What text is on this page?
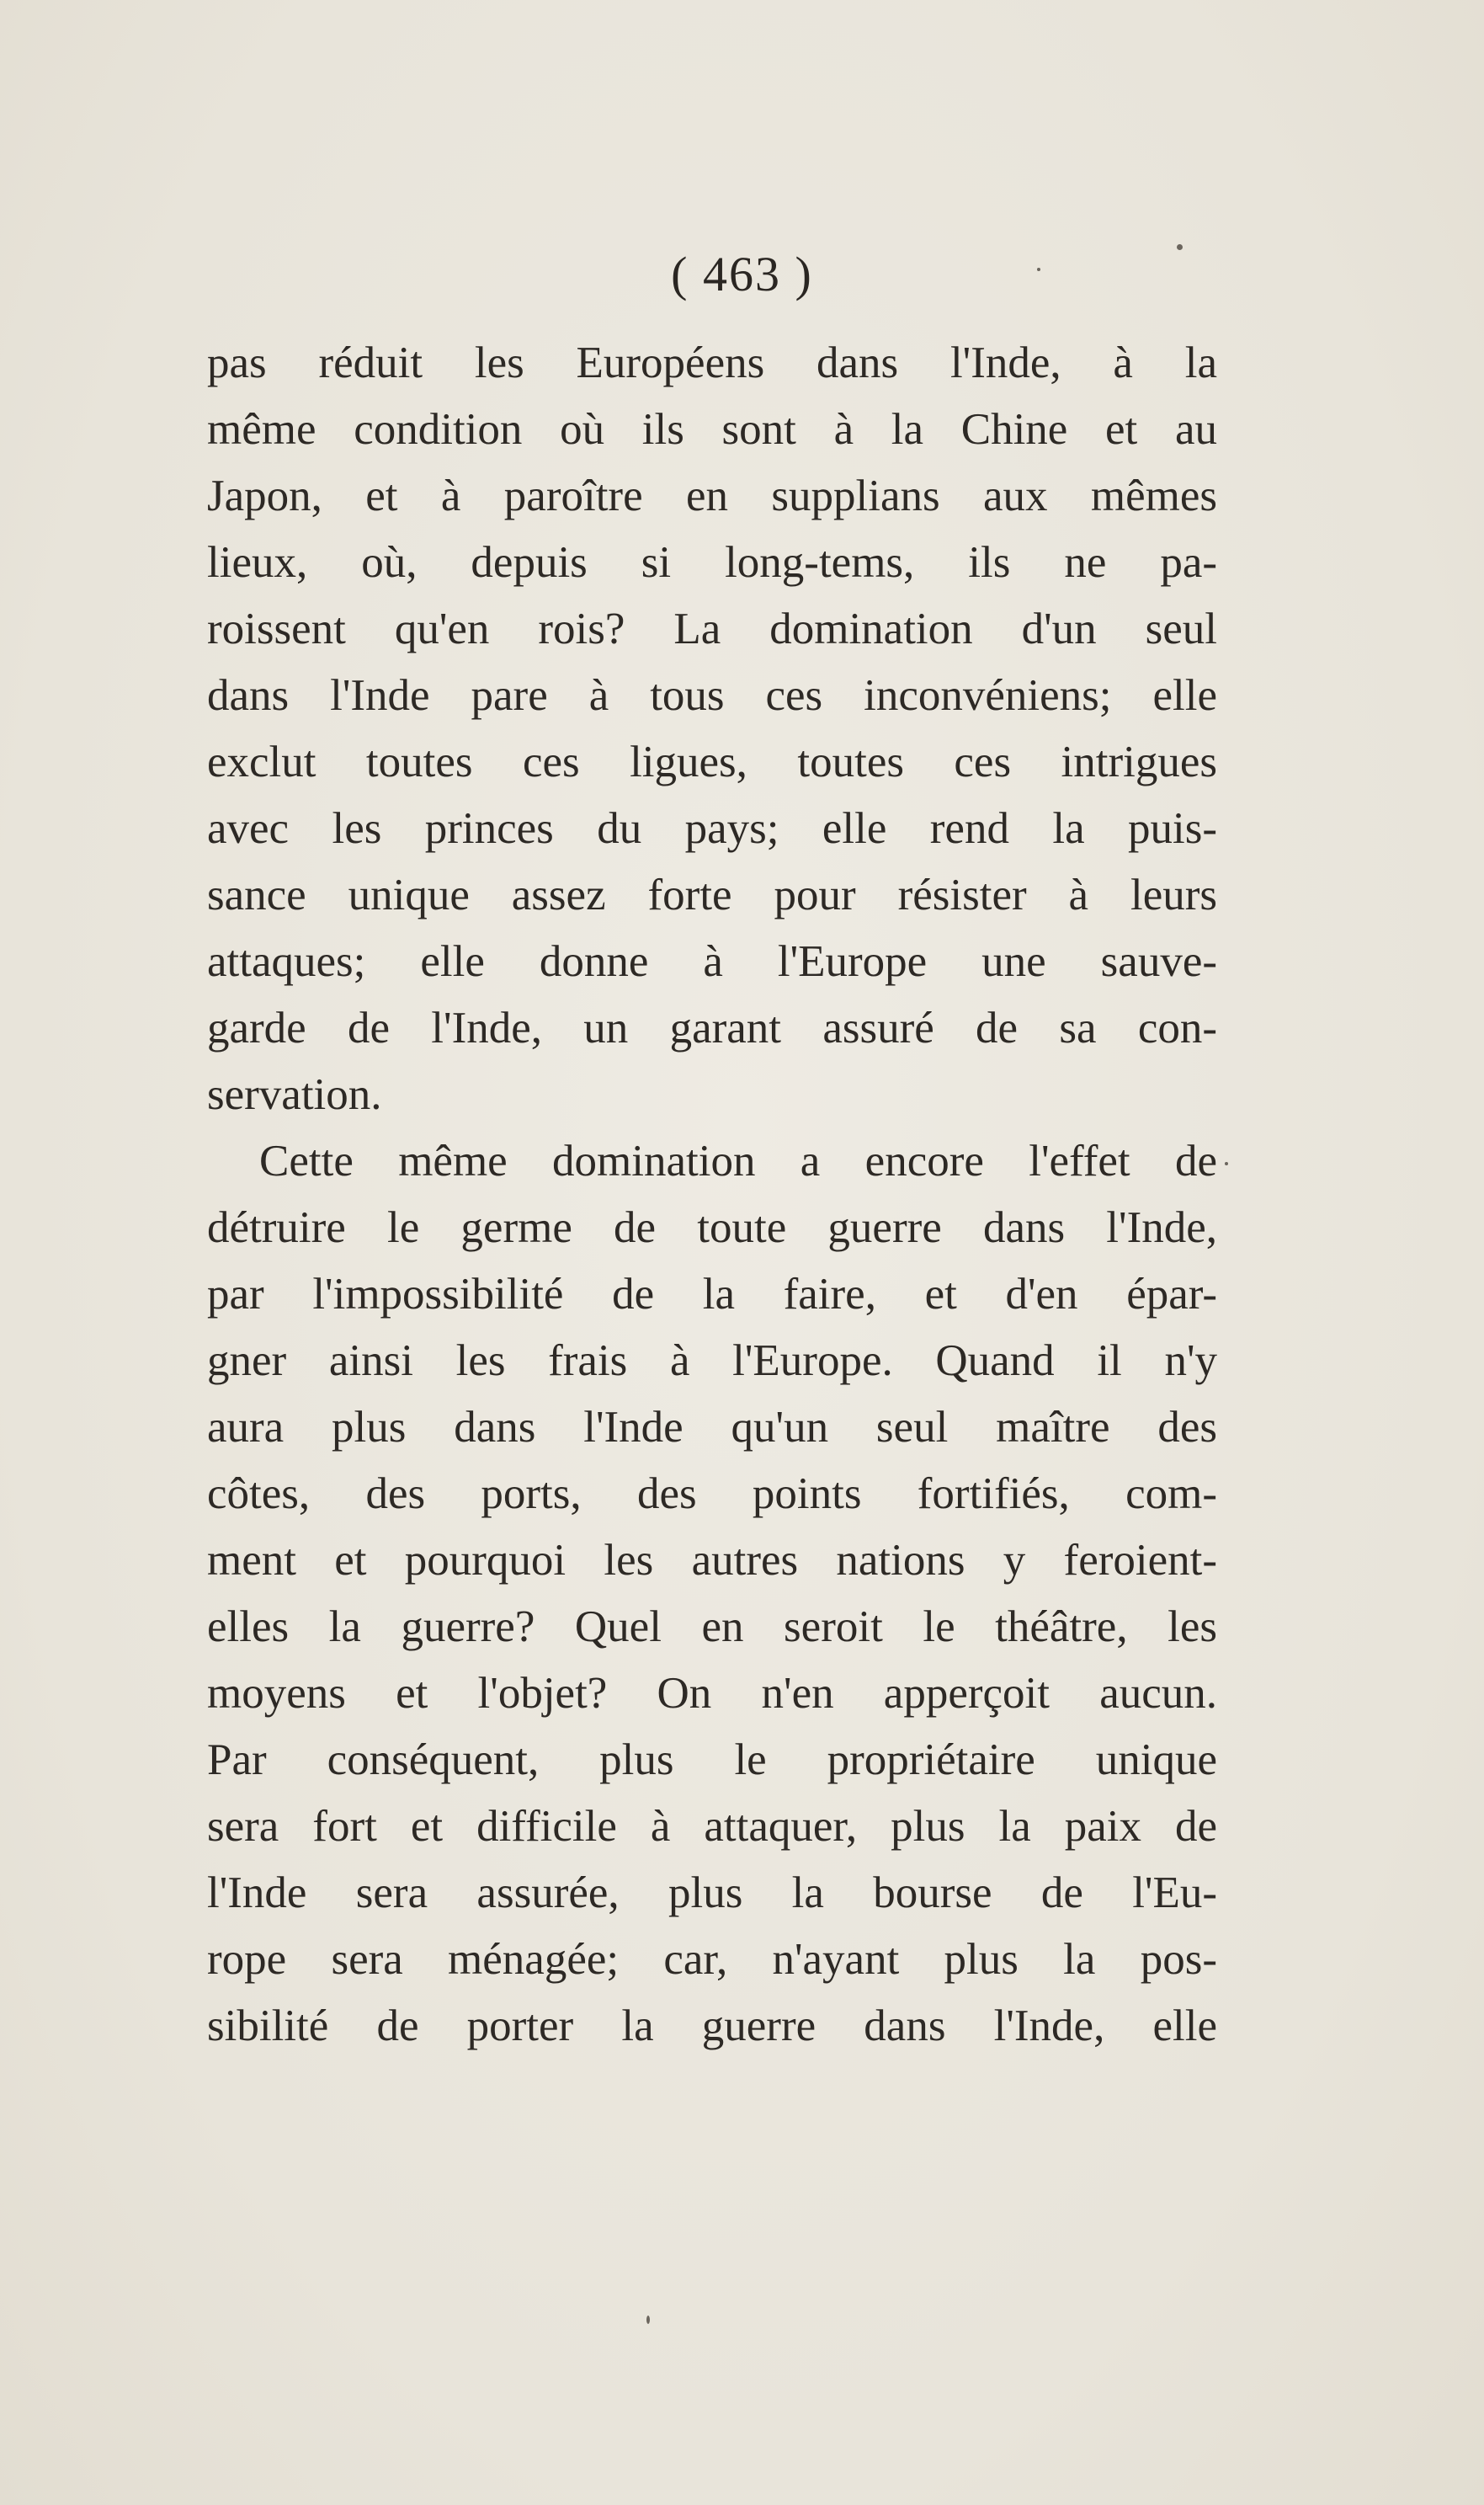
( 463 )
pas réduit les Européens dans l'Inde, à la
même condition où ils sont à la Chine et au
Japon, et à paroître en supplians aux mêmes
lieux, où, depuis si long-tems, ils ne pa-
roissent qu'en rois? La domination d'un seul
dans l'Inde pare à tous ces inconvéniens; elle
exclut toutes ces ligues, toutes ces intrigues
avec les princes du pays; elle rend la puis-
sance unique assez forte pour résister à leurs
attaques; elle donne à l'Europe une sauve-
garde de l'Inde, un garant assuré de sa con-
servation.
Cette même domination a encore l'effet de
détruire le germe de toute guerre dans l'Inde,
par l'impossibilité de la faire, et d'en épar-
gner ainsi les frais à l'Europe. Quand il n'y
aura plus dans l'Inde qu'un seul maître des
côtes, des ports, des points fortifiés, com-
ment et pourquoi les autres nations y feroient-
elles la guerre? Quel en seroit le théâtre, les
moyens et l'objet? On n'en apperçoit aucun.
Par conséquent, plus le propriétaire unique
sera fort et difficile à attaquer, plus la paix de
l'Inde sera assurée, plus la bourse de l'Eu-
rope sera ménagée; car, n'ayant plus la pos-
sibilité de porter la guerre dans l'Inde, elle
